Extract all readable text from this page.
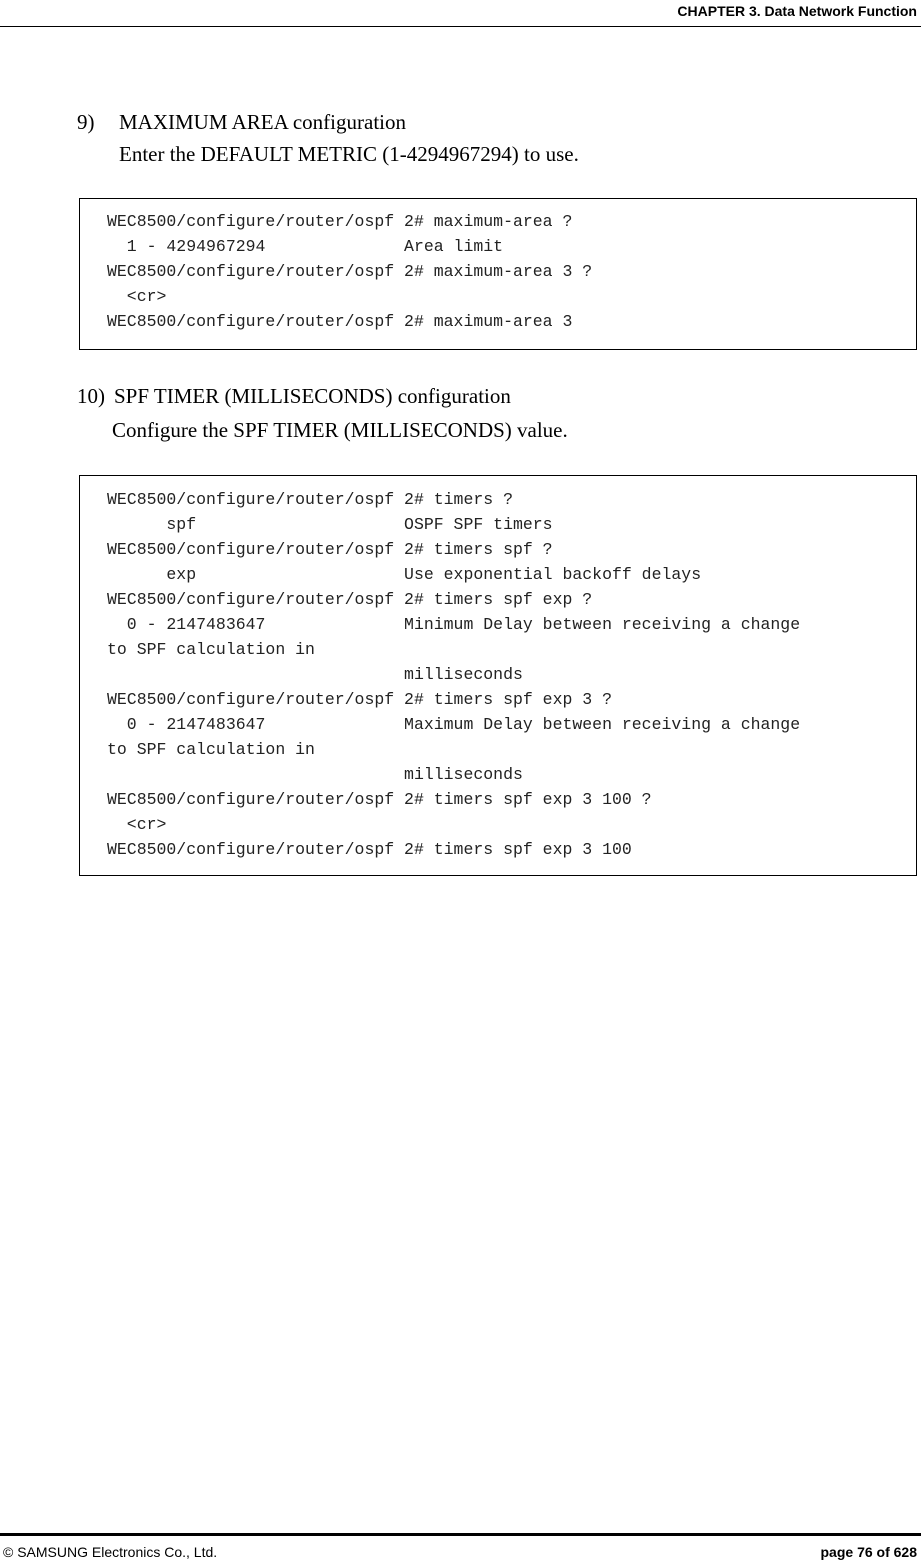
CHAPTER 3. Data Network Function
9) MAXIMUM AREA configuration
Enter the DEFAULT METRIC (1-4294967294) to use.
WEC8500/configure/router/ospf 2# maximum-area ?
1 - 4294967294              Area limit
WEC8500/configure/router/ospf 2# maximum-area 3 ?
<cr>
WEC8500/configure/router/ospf 2# maximum-area 3
10) SPF TIMER (MILLISECONDS) configuration
Configure the SPF TIMER (MILLISECONDS) value.
WEC8500/configure/router/ospf 2# timers ?
spf                     OSPF SPF timers
WEC8500/configure/router/ospf 2# timers spf ?
exp                     Use exponential backoff delays
WEC8500/configure/router/ospf 2# timers spf exp ?
0 - 2147483647              Minimum Delay between receiving a change
to SPF calculation in
milliseconds
WEC8500/configure/router/ospf 2# timers spf exp 3 ?
0 - 2147483647              Maximum Delay between receiving a change
to SPF calculation in
milliseconds
WEC8500/configure/router/ospf 2# timers spf exp 3 100 ?
<cr>
WEC8500/configure/router/ospf 2# timers spf exp 3 100
© SAMSUNG Electronics Co., Ltd.	page 76 of 628
